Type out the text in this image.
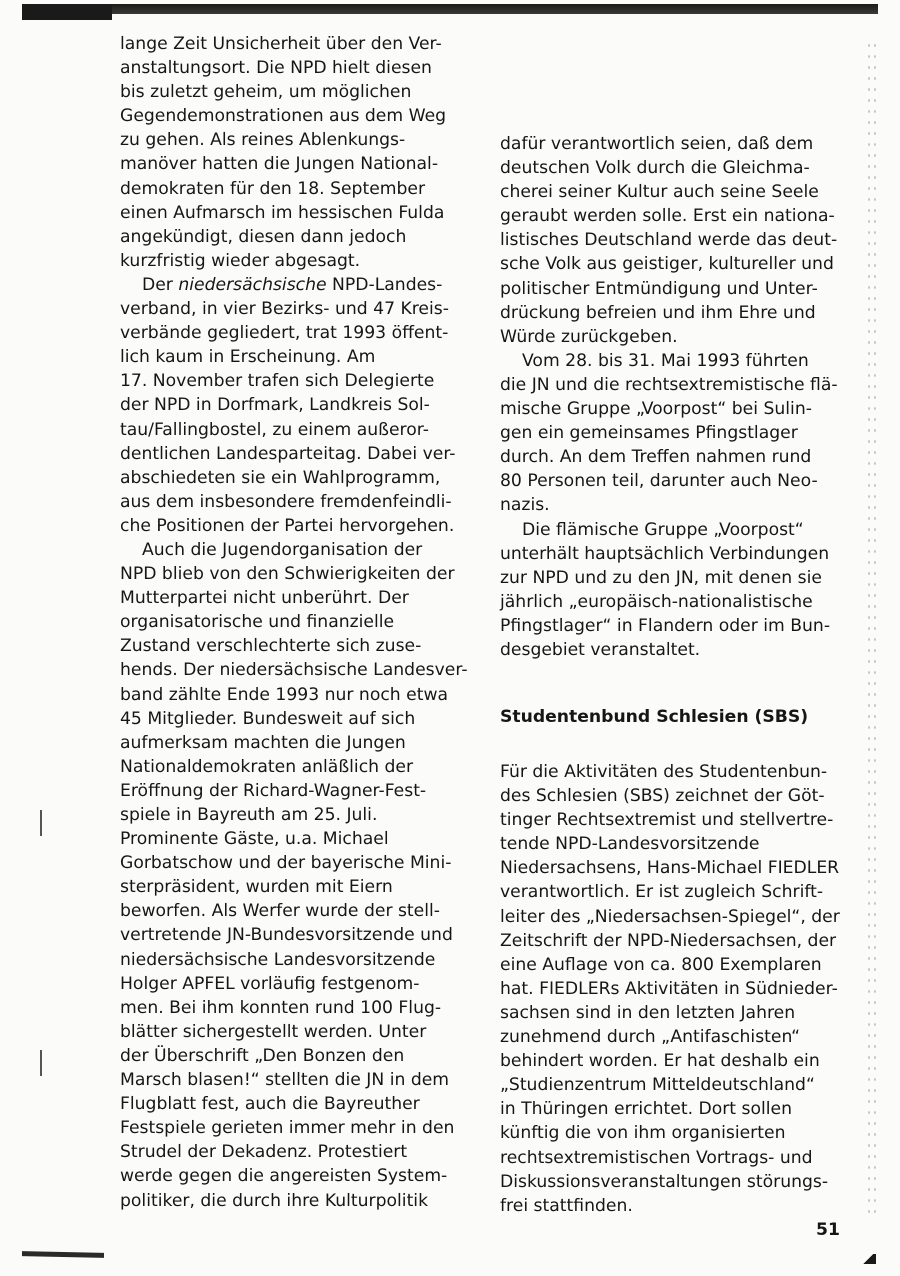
lange Zeit Unsicherheit über den Ver-
anstaltungsort. Die NPD hielt diesen
bis zuletzt geheim, um möglichen
Gegendemonstrationen aus dem Weg
zu gehen. Als reines Ablenkungs-
manöver hatten die Jungen National-
demokraten für den 18. September
einen Aufmarsch im hessischen Fulda
angekündigt, diesen dann jedoch
kurzfristig wieder abgesagt.
Der niedersächsische NPD-Landes-
verband, in vier Bezirks- und 47 Kreis-
verbände gegliedert, trat 1993 öffent-
lich kaum in Erscheinung. Am
17. November trafen sich Delegierte
der NPD in Dorfmark, Landkreis Sol-
tau/Fallingbostel, zu einem außeror-
dentlichen Landesparteitag. Dabei ver-
abschiedeten sie ein Wahlprogramm,
aus dem insbesondere fremdenfeindli-
che Positionen der Partei hervorgehen.
Auch die Jugendorganisation der
NPD blieb von den Schwierigkeiten der
Mutterpartei nicht unberührt. Der
organisatorische und finanzielle
Zustand verschlechterte sich zuse-
hends. Der niedersächsische Landesver-
band zählte Ende 1993 nur noch etwa
45 Mitglieder. Bundesweit auf sich
aufmerksam machten die Jungen
Nationaldemokraten anläßlich der
Eröffnung der Richard-Wagner-Fest-
spiele in Bayreuth am 25. Juli.
Prominente Gäste, u.a. Michael
Gorbatschow und der bayerische Mini-
sterpräsident, wurden mit Eiern
beworfen. Als Werfer wurde der stell-
vertretende JN-Bundesvorsitzende und
niedersächsische Landesvorsitzende
Holger APFEL vorläufig festgenom-
men. Bei ihm konnten rund 100 Flug-
blätter sichergestellt werden. Unter
der Überschrift „Den Bonzen den
Marsch blasen!“ stellten die JN in dem
Flugblatt fest, auch die Bayreuther
Festspiele gerieten immer mehr in den
Strudel der Dekadenz. Protestiert
werde gegen die angereisten System-
politiker, die durch ihre Kulturpolitik
dafür verantwortlich seien, daß dem
deutschen Volk durch die Gleichma-
cherei seiner Kultur auch seine Seele
geraubt werden solle. Erst ein nationa-
listisches Deutschland werde das deut-
sche Volk aus geistiger, kultureller und
politischer Entmündigung und Unter-
drückung befreien und ihm Ehre und
Würde zurückgeben.
Vom 28. bis 31. Mai 1993 führten
die JN und die rechtsextremistische flä-
mische Gruppe „Voorpost“ bei Sulin-
gen ein gemeinsames Pfingstlager
durch. An dem Treffen nahmen rund
80 Personen teil, darunter auch Neo-
nazis.
Die flämische Gruppe „Voorpost“
unterhält hauptsächlich Verbindungen
zur NPD und zu den JN, mit denen sie
jährlich „europäisch-nationalistische
Pfingstlager“ in Flandern oder im Bun-
desgebiet veranstaltet.
Studentenbund Schlesien (SBS)
Für die Aktivitäten des Studentenbun-
des Schlesien (SBS) zeichnet der Göt-
tinger Rechtsextremist und stellvertre-
tende NPD-Landesvorsitzende
Niedersachsens, Hans-Michael FIEDLER
verantwortlich. Er ist zugleich Schrift-
leiter des „Niedersachsen-Spiegel“, der
Zeitschrift der NPD-Niedersachsen, der
eine Auflage von ca. 800 Exemplaren
hat. FIEDLERs Aktivitäten in Südnieder-
sachsen sind in den letzten Jahren
zunehmend durch „Antifaschisten“
behindert worden. Er hat deshalb ein
„Studienzentrum Mitteldeutschland“
in Thüringen errichtet. Dort sollen
künftig die von ihm organisierten
rechtsextremistischen Vortrags- und
Diskussionsveranstaltungen störungs-
frei stattfinden.
51
